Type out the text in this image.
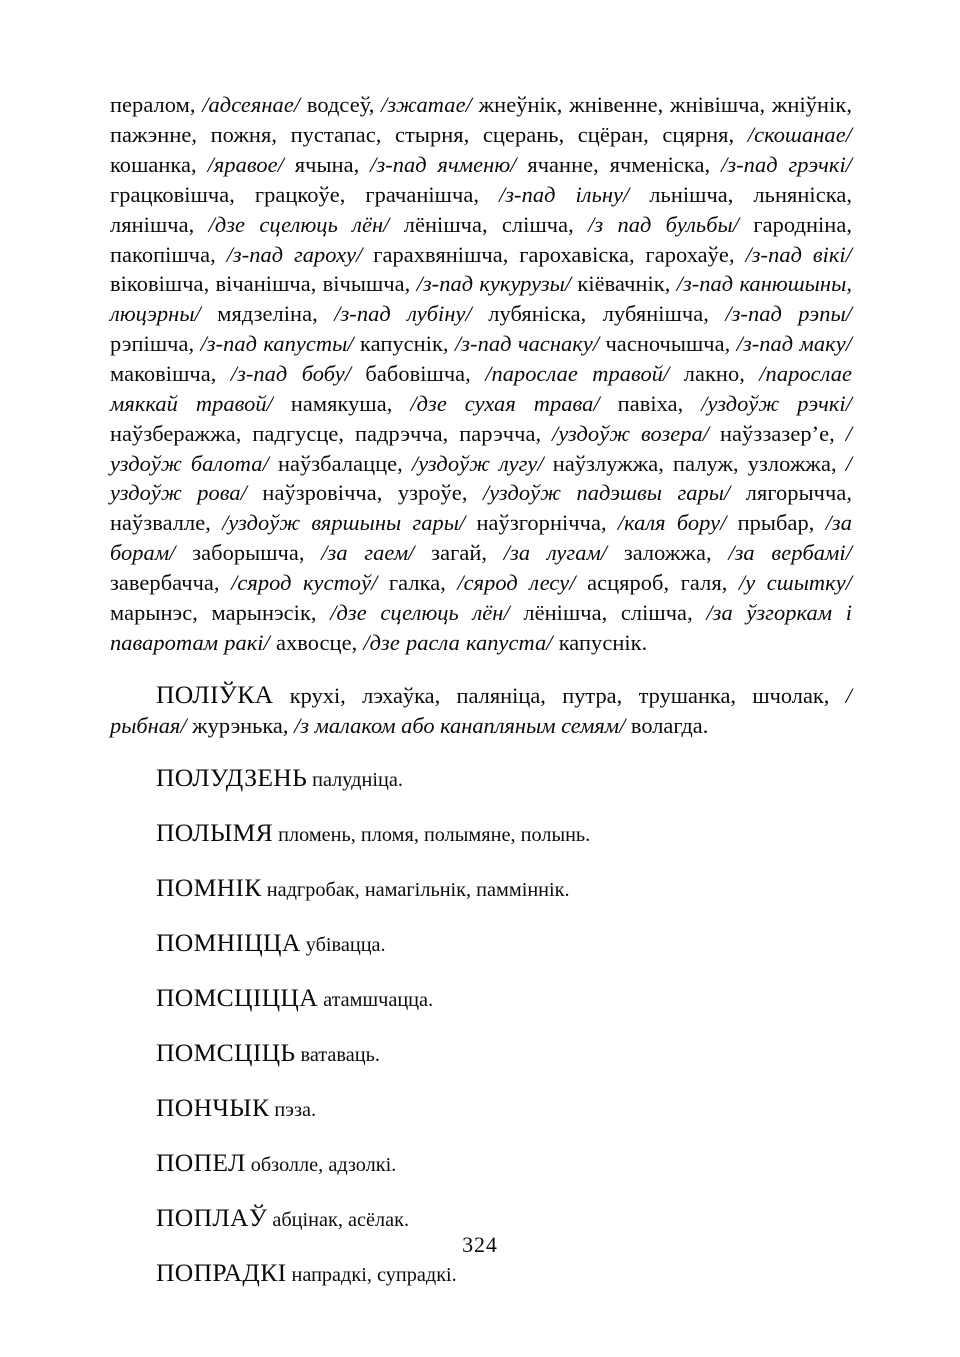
пералом, /адсеянае/ водсеў, /зжатае/ жнеўнік, жнівенне, жнівішча, жніўнік, пажэнне, пожня, пустапас, стырня, сцерань, сцёран, сцярня, /скошанае/ кошанка, /яравое/ ячына, /з-пад ячменю/ ячанне, ячменіска, /з-пад грэчкі/ грацковішча, грацкоўе, грачанішча, /з-пад ільну/ льнішча, льняніска, лянішча, /дзе сцелюць лён/ лёнішча, слішча, /з пад бульбы/ гародніна, пакопішча, /з-пад гароху/ гарахвянішча, гарохавіска, гарохаўе, /з-пад вікі/ віковішча, вічанішча, вічышча, /з-пад кукурузы/ кіёвачнік, /з-пад канюшыны, люцэрны/ мядзеліна, /з-пад лубіну/ лубяніска, лубянішча, /з-пад рэпы/ рэпішча, /з-пад капусты/ капуснік, /з-пад часнаку/ часночышча, /з-пад маку/ маковішча, /з-пад бобу/ бабовішча, /парослае травой/ лакно, /парослае мяккай травой/ намякуша, /дзе сухая трава/ павіха, /уздоўж рэчкі/ наўзберажжа, падгусце, падрэчча, парэчча, /уздоўж возера/ наўззазер’е, /уздоўж балота/ наўзбалацце, /уздоўж лугу/ наўзлужжа, палуж, узложжа, /уздоўж рова/ наўзровічча, узроўе, /уздоўж падэшвы гары/ лягорычча, наўзвалле, /уздоўж вяршыны гары/ наўзгорнічча, /каля бору/ прыбар, /за борам/ заборышча, /за гаем/ загай, /за лугам/ заложжа, /за вербамі/ завербачча, /сярод кустоў/ галка, /сярод лесу/ асцяроб, галя, /у сшытку/ марынэс, марынэсік, /дзе сцелюць лён/ лёнішча, слішча, /за ўзгоркам і паваротам ракі/ ахвосце, /дзе расла капуста/ капуснік.

ПОЛІЎКА крухі, лэхаўка, паляніца, путра, трушанка, шчолак, /рыбная/ журэнька, /з малаком або канапляным семям/ волагда.

ПОЛУДЗЕНЬ палудніца.

ПОЛЫМЯ пломень, пломя, полымяне, полынь.

ПОМНІК надгробак, намагільнік, памміннік.

ПОМНІЦЦА убівацца.

ПОМСЦІЦЦА атамшчацца.

ПОМСЦІЦЬ ватаваць.

ПОНЧЫК пэза.

ПОПЕЛ обзолле, адзолкі.

ПОПЛАЎ абцінак, асёлак.

ПОПРАДКІ напрадкі, супрадкі.

324
